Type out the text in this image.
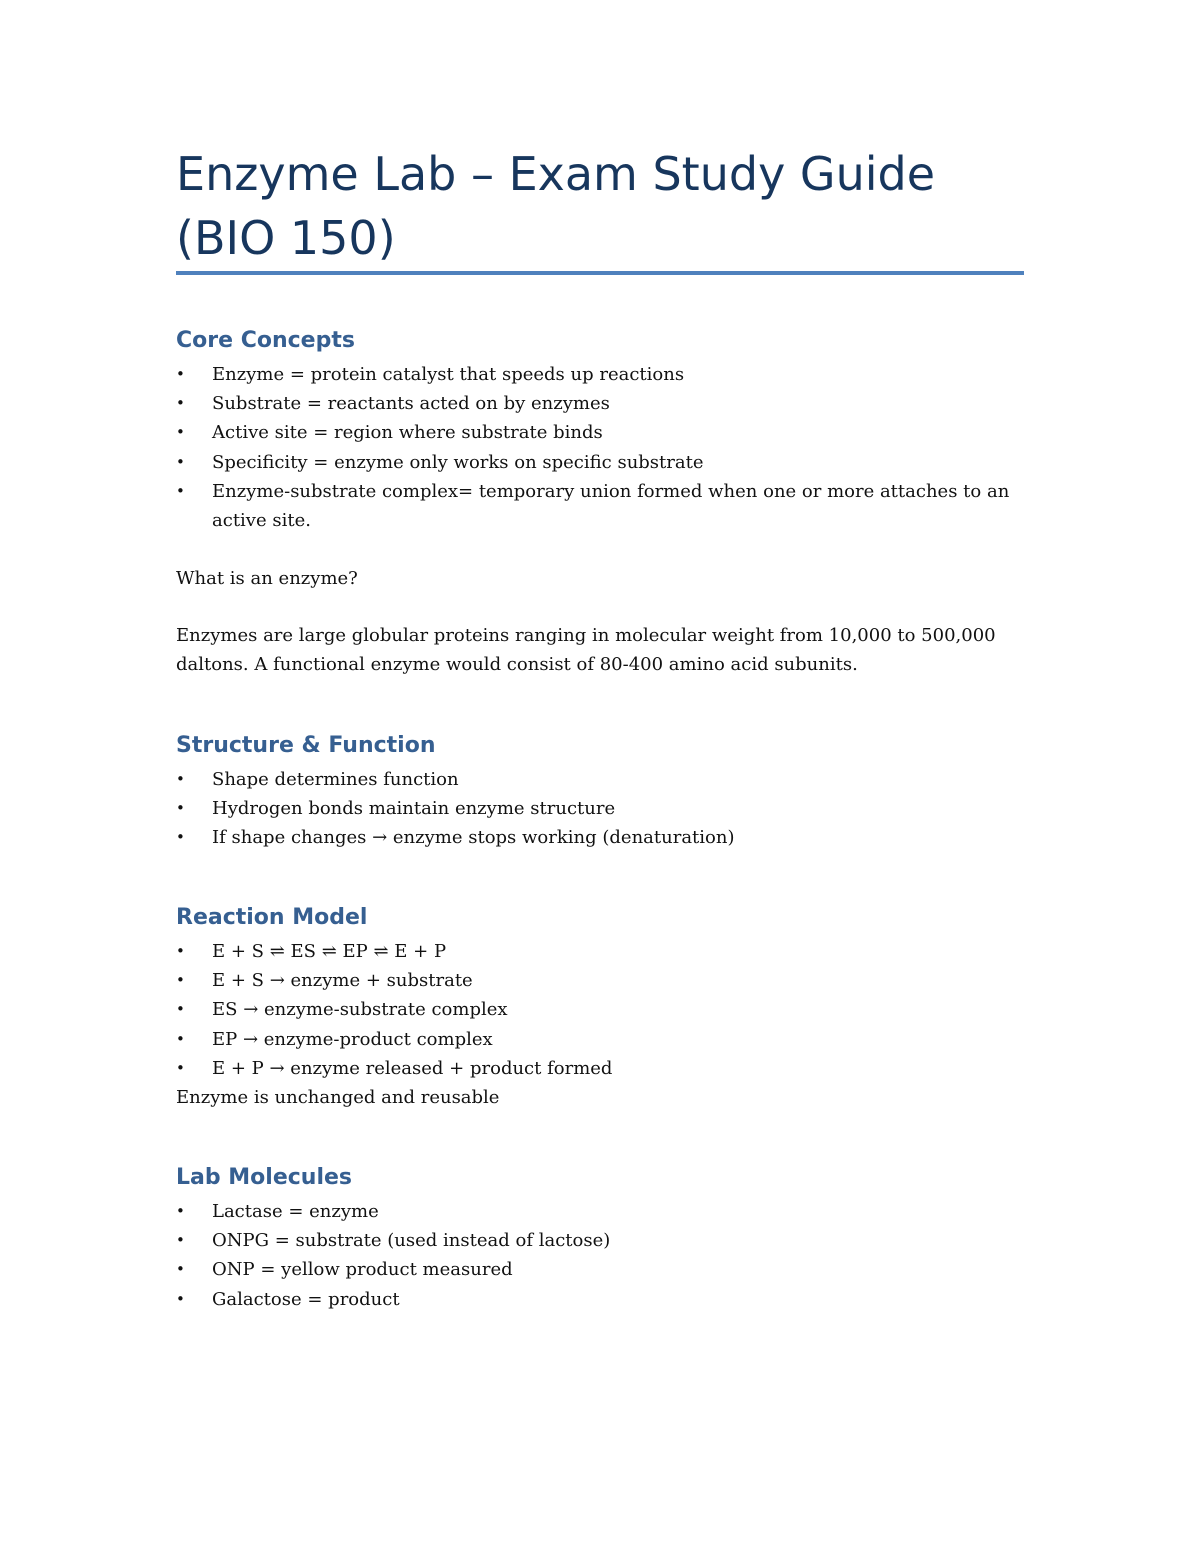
Enzyme Lab – Exam Study Guide (BIO 150)
Core Concepts
• Enzyme = protein catalyst that speeds up reactions
• Substrate = reactants acted on by enzymes
• Active site = region where substrate binds
• Specificity = enzyme only works on specific substrate
• Enzyme-substrate complex= temporary union formed when one or more attaches to an active site.

What is an enzyme?

Enzymes are large globular proteins ranging in molecular weight from 10,000 to 500,000 daltons. A functional enzyme would consist of 80-400 amino acid subunits.

Structure & Function
• Shape determines function
• Hydrogen bonds maintain enzyme structure
• If shape changes → enzyme stops working (denaturation)
Reaction Model
• E + S ⇌ ES ⇌ EP ⇌ E + P
• E + S → enzyme + substrate
• ES → enzyme-substrate complex
• EP → enzyme-product complex
• E + P → enzyme released + product formed

Enzyme is unchanged and reusable

Lab Molecules
• Lactase = enzyme
• ONPG = substrate (used instead of lactose)
• ONP = yellow product measured
• Galactose = product
